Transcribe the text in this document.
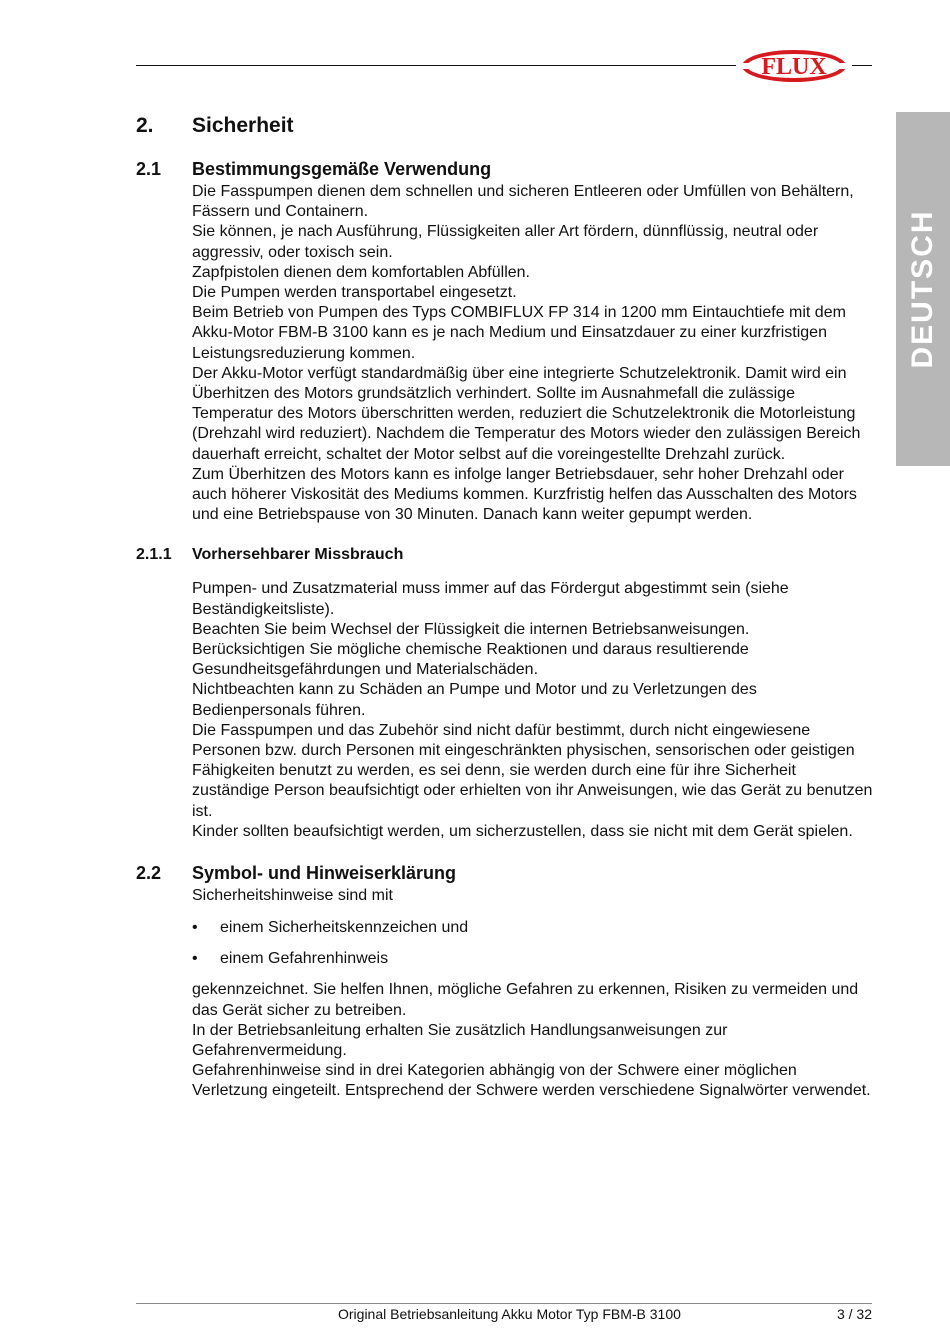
FLUX
DEUTSCH
2.	Sicherheit
2.1	Bestimmungsgemäße Verwendung

Die Fasspumpen dienen dem schnellen und sicheren Entleeren oder Umfüllen von Behältern, Fässern und Containern.

Sie können, je nach Ausführung, Flüssigkeiten aller Art fördern, dünnflüssig, neutral oder aggressiv, oder toxisch sein.

Zapfpistolen dienen dem komfortablen Abfüllen.

Die Pumpen werden transportabel eingesetzt.

Beim Betrieb von Pumpen des Typs COMBIFLUX FP 314 in 1200 mm Eintauchtiefe mit dem Akku-Motor FBM-B 3100 kann es je nach Medium und Einsatzdauer zu einer kurzfristigen Leistungsreduzierung kommen.

Der Akku-Motor verfügt standardmäßig über eine integrierte Schutzelektronik. Damit wird ein Überhitzen des Motors grundsätzlich verhindert. Sollte im Ausnahmefall die zulässige Temperatur des Motors überschritten werden, reduziert die Schutzelektronik die Motorleistung (Drehzahl wird reduziert). Nachdem die Temperatur des Motors wieder den zulässigen Bereich dauerhaft erreicht, schaltet der Motor selbst auf die voreingestellte Drehzahl zurück.

Zum Überhitzen des Motors kann es infolge langer Betriebsdauer, sehr hoher Drehzahl oder auch höherer Viskosität des Mediums kommen. Kurzfristig helfen das Ausschalten des Motors und eine Betriebspause von 30 Minuten. Danach kann weiter gepumpt werden.

2.1.1	Vorhersehbarer Missbrauch

Pumpen- und Zusatzmaterial muss immer auf das Fördergut abgestimmt sein (siehe Beständigkeitsliste).

Beachten Sie beim Wechsel der Flüssigkeit die internen Betriebsanweisungen.

Berücksichtigen Sie mögliche chemische Reaktionen und daraus resultierende Gesundheitsgefährdungen und Materialschäden.

Nichtbeachten kann zu Schäden an Pumpe und Motor und zu Verletzungen des Bedienpersonals führen.

Die Fasspumpen und das Zubehör sind nicht dafür bestimmt, durch nicht eingewiesene Personen bzw. durch Personen mit eingeschränkten physischen, sensorischen oder geistigen Fähigkeiten benutzt zu werden, es sei denn, sie werden durch eine für ihre Sicherheit zuständige Person beaufsichtigt oder erhielten von ihr Anweisungen, wie das Gerät zu benutzen ist.

Kinder sollten beaufsichtigt werden, um sicherzustellen, dass sie nicht mit dem Gerät spielen.

2.2	Symbol- und Hinweiserklärung

Sicherheitshinweise sind mit

•	einem Sicherheitskennzeichen und
•	einem Gefahrenhinweis

gekennzeichnet. Sie helfen Ihnen, mögliche Gefahren zu erkennen, Risiken zu vermeiden und das Gerät sicher zu betreiben.

In der Betriebsanleitung erhalten Sie zusätzlich Handlungsanweisungen zur Gefahrenvermeidung.

Gefahrenhinweise sind in drei Kategorien abhängig von der Schwere einer möglichen Verletzung eingeteilt. Entsprechend der Schwere werden verschiedene Signalwörter verwendet.

Original Betriebsanleitung Akku Motor Typ FBM-B 3100	3 / 32
